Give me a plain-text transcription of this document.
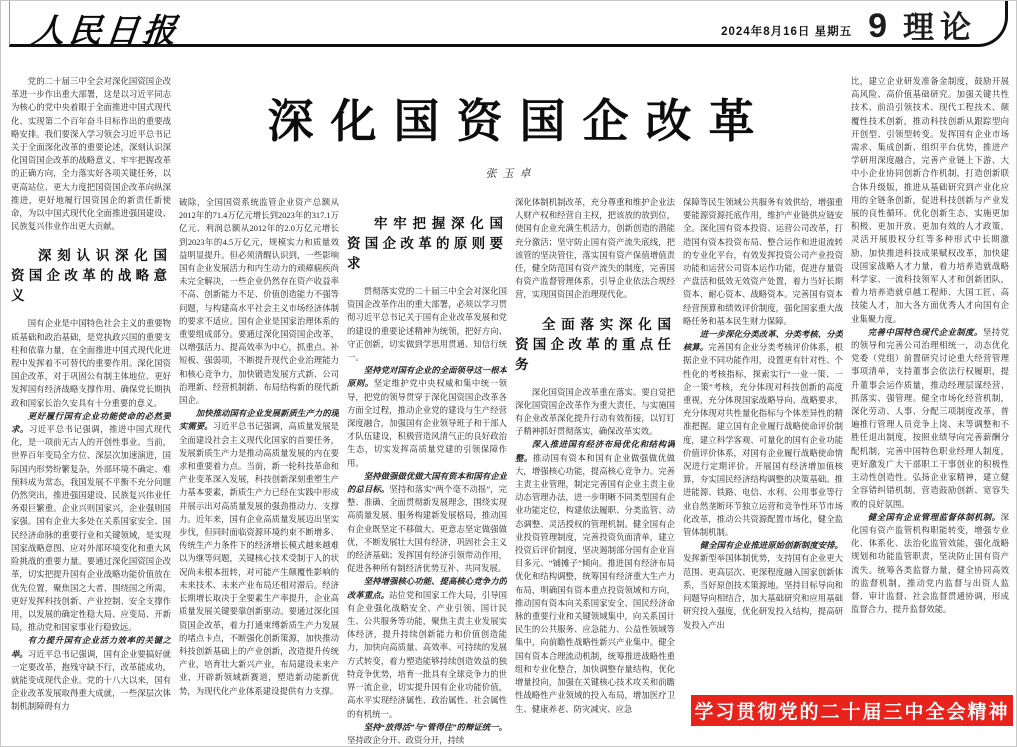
人民日报	2024年8月16日 星期五 9 理论
深化国资国企改革
张玉卓

党的二十届三中全会对深化国资国企改革进一步作出重大部署，这是以习近平同志为核心的党中央着眼于全面推进中国式现代化、实现第二个百年奋斗目标作出的重要战略安排。我们要深入学习领会习近平总书记关于全面深化改革的重要论述，深刻认识深化国资国企改革的战略意义、牢牢把握改革的正确方向，全力落实好各项关键任务，以更高站位、更大力度把国资国企改革向纵深推进，更好地履行国资国企的新责任新使命，为以中国式现代化全面推进强国建设、民族复兴伟业作出更大贡献。

深刻认识深化国资国企改革的战略意义

国有企业是中国特色社会主义的重要物质基础和政治基础，是党执政兴国的重要支柱和依靠力量，在全面推进中国式现代化进程中发挥着不可替代的重要作用。深化国资国企改革，对于巩固公有制主体地位、更好发挥国有经济战略支撑作用、确保党长期执政和国家长治久安具有十分重要的意义。

更好履行国有企业功能使命的必然要求。习近平总书记强调，推进中国式现代化，是一项前无古人的开创性事业。当前，世界百年变局全方位、深层次加速演进，国际国内形势纷繁复杂，外部环境不确定、难预料成为常态，我国发展不平衡不充分问题仍然突出，推进强国建设、民族复兴伟业任务艰巨繁重。企业兴则国家兴，企业强则国家强。国有企业大多处在关系国家安全、国民经济命脉的重要行业和关键领域，是实现国家战略意图、应对外部环境变化和重大风险挑战的重要力量。要通过深化国资国企改革，切实把提升国有企业战略功能价值放在优先位置，聚焦国之大者、围绕国之所需，更好发挥科技创新、产业控制、安全支撑作用，以发展的确定性稳大局、应变局、开新局，推动党和国家事业行稳致远。

有力提升国有企业活力效率的关键之举。习近平总书记强调，国有企业要搞好就一定要改革，抱残守缺不行，改革能成功，就能变成现代企业。党的十八大以来，国有企业改革发展取得重大成就，一些深层次体制机制障碍有力

破除，全国国资系统监管企业资产总额从2012年的71.4万亿元增长到2023年的317.1万亿元、利润总额从2012年的2.0万亿元增长到2023年的4.5万亿元，规模实力和质量效益明显提升。但必须清醒认识到，一些影响国有企业发展活力和内生动力的顽瘴痼疾尚未完全解决，一些企业仍然存在资产收益率不高、创新能力不足、价值创造能力不强等问题，与构建高水平社会主义市场经济体制的要求不适应。国有企业是国家治理体系的重要组成部分。要通过深化国资国企改革，以增强活力、提高效率为中心，抓重点、补短板、强弱项，不断提升现代企业治理能力和核心竞争力，加快锻造发展方式新、公司治理新、经营机制新、布局结构新的现代新国企。

加快推动国有企业发展新质生产力的现实需要。习近平总书记强调，高质量发展是全面建设社会主义现代化国家的首要任务，发展新质生产力是推动高质量发展的内在要求和重要着力点。当前，新一轮科技革命和产业变革深入发展，科技创新深刻重塑生产力基本要素，新质生产力已经在实践中形成并展示出对高质量发展的强劲推动力、支撑力。近年来，国有企业高质量发展迈出坚实步伐，但同时面临资源环境约束不断增多、传统生产力条件下的经济增长模式越来越难以为继等问题，关键核心技术受制于人的状况尚未根本扭转，对可能产生颠覆性影响的未来技术、未来产业布局还相对滞后。经济长期增长取决于全要素生产率提升，企业高质量发展关键要靠创新驱动。要通过深化国资国企改革，着力打通束缚新质生产力发展的堵点卡点，不断强化创新策源，加快推动科技创新基础上的产业创新，改造提升传统产业，培育壮大新兴产业，布局建设未来产业，开辟新领域新赛道，塑造新动能新优势，为现代化产业体系建设提供有力支撑。

牢牢把握深化国资国企改革的原则要求

贯彻落实党的二十届三中全会对深化国资国企改革作出的重大部署，必须以学习贯彻习近平总书记关于国有企业改革发展和党的建设的重要论述精神为统领，把好方向、守正创新，切实做到学思用贯通、知信行统一。

坚持党对国有企业的全面领导这一根本原则。坚定维护党中央权威和集中统一领导，把党的领导贯穿于深化国资国企改革各方面全过程，推动企业党的建设与生产经营深度融合，加强国有企业领导班子和干部人才队伍建设，积极营造风清气正的良好政治生态，切实发挥高质量党建的引领保障作用。

坚持做强做优做大国有资本和国有企业的总目标。坚持和落实“两个毫不动摇”，完整、准确、全面贯彻新发展理念，围绕实现高质量发展、服务构建新发展格局，推动国有企业既坚定不移做大、更意志坚定做强做优，不断发展壮大国有经济，巩固社会主义的经济基础；发挥国有经济引领带动作用，促进各种所有制经济优势互补、共同发展。

坚持增强核心功能、提高核心竞争力的改革重点。站位党和国家工作大局，引导国有企业强化战略安全、产业引领、国计民生、公共服务等功能，聚焦主责主业发展实体经济，提升持续创新能力和价值创造能力，加快向高质量、高效率、可持续的发展方式转变，着力塑造能够持续创造效益的独特竞争优势，培育一批具有全球竞争力的世界一流企业，切实提升国有企业功能价值，高水平实现经济属性、政治属性、社会属性的有机统一。

坚持“放得活”与“管得住”的辩证统一。坚持政企分开、政资分开，持续

深化体制机制改革，充分尊重和维护企业法人财产权和经营自主权，把该放的放到位，使国有企业充满生机活力，创新创造的潜能充分激活；坚守防止国有资产流失底线，把该管的坚决管住，落实国有资产保值增值责任，健全防范国有资产流失的制度，完善国有资产监督管理体系，引导企业依法合规经营，实现国资国企治理现代化。

全面落实深化国资国企改革的重点任务

深化国资国企改革重在落实。要自觉把深化国资国企改革作为重大责任，与实施国有企业改革深化提升行动有效衔接，以钉钉子精神抓好贯彻落实，确保改革实效。

深入推进国有经济布局优化和结构调整。推动国有资本和国有企业做强做优做大，增强核心功能，提高核心竞争力。完善主责主业管理，制定完善国有企业主责主业动态管理办法，进一步明晰不同类型国有企业功能定位，构建依法履职、分类监管、动态调整、灵活授权的管理机制。健全国有企业投资管理制度，完善投资负面清单，建立投资后评价制度，坚决遏制部分国有企业盲目多元、“铺摊子”倾向。推进国有经济布局优化和结构调整，统筹国有经济重大生产力布局，明确国有资本重点投资领域和方向，推动国有资本向关系国家安全、国民经济命脉的重要行业和关键领域集中，向关系国计民生的公共服务、应急能力、公益性领域等集中，向前瞻性战略性新兴产业集中。健全国有资本合理流动机制，统筹推进战略性重组和专业化整合，加快调整存量结构，优化增量投向，加强在关键核心技术攻关和前瞻性战略性产业领域的投入布局，增加医疗卫生、健康养老、防灾减灾、应急

保障等民生领域公共服务有效供给，增强重要能源资源托底作用，维护产业链供应链安全。深化国有资本投资、运营公司改革，打造国有资本投资布局、整合运作和进退流转的专业化平台，有效发挥投资公司产业投资功能和运营公司资本运作功能，促进存量资产盘活和低效无效资产处置，着力当好长期资本、耐心资本、战略资本。完善国有资本经营预算和绩效评价制度，强化国家重大战略任务和基本民生财力保障。

进一步深化分类改革、分类考核、分类核算。完善国有企业分类考核评价体系，根据企业不同功能作用，设置更有针对性、个性化的考核指标，探索实行“一业一策、一企一策”考核，充分体现对科技创新的高度重视，充分体现国家战略导向、战略要求，充分体现对共性量化指标与个体差异性的精准把握。建立国有企业履行战略使命评价制度，建立科学客观、可量化的国有企业功能价值评价体系，对国有企业履行战略使命情况进行定期评价。开展国有经济增加值核算，夯实国民经济结构调整的决策基础。推进能源、铁路、电信、水利、公用事业等行业自然垄断环节独立运营和竞争性环节市场化改革，推动公共资源配置市场化，健全监管体制机制。

健全国有企业推进原始创新制度安排。发挥新型举国体制优势，支持国有企业更大范围、更高层次、更深程度融入国家创新体系，当好原创技术策源地。坚持目标导向和问题导向相结合，加大基础研究和应用基础研究投入强度，优化研发投入结构，提高研发投入产出

比，建立企业研发准备金制度，鼓励开展高风险、高价值基础研究。加强关键共性技术、前沿引领技术、现代工程技术、颠覆性技术创新，推动科技创新从跟踪型向开创型、引领型转变。发挥国有企业市场需求、集成创新、组织平台优势，推进产学研用深度融合，完善产业链上下游、大中小企业协同创新合作机制，打造创新联合体升级版，推进从基础研究到产业化应用的全链条创新，促进科技创新与产业发展的良性循环。优化创新生态，实施更加积极、更加开放、更加有效的人才政策，灵活开展股权分红等多种形式中长期激励，加快推进科技成果赋权改革，加快建设国家战略人才力量，着力培养造就战略科学家、一流科技领军人才和创新团队，着力培养造就卓越工程师、大国工匠、高技能人才，加大各方面优秀人才向国有企业集聚力度。

完善中国特色现代企业制度。坚持党的领导和完善公司治理相统一，动态优化党委（党组）前置研究讨论重大经营管理事项清单，支持董事会依法行权履职，提升董事会运作质量，推动经理层谋经营、抓落实、强管理。健全市场化经营机制，深化劳动、人事、分配三项制度改革，普遍推行管理人员竞争上岗、末等调整和不胜任退出制度，按照业绩导向完善薪酬分配机制，完善中国特色职业经理人制度，更好激发广大干部职工干事创业的积极性主动性创造性。弘扬企业家精神，建立健全容错纠错机制，营造鼓励创新、宽容失败的良好氛围。

健全国有企业管理监督体制机制。深化国有资产监管机构职能转变，增强专业化、体系化、法治化监管效能，强化战略规划和功能监管职责，坚决防止国有资产流失。统筹各类监督力量，健全协同高效的监督机制，推动党内监督与出资人监督、审计监督、社会监督贯通协调，形成监督合力，提升监督效能。

学习贯彻党的二十届三中全会精神
